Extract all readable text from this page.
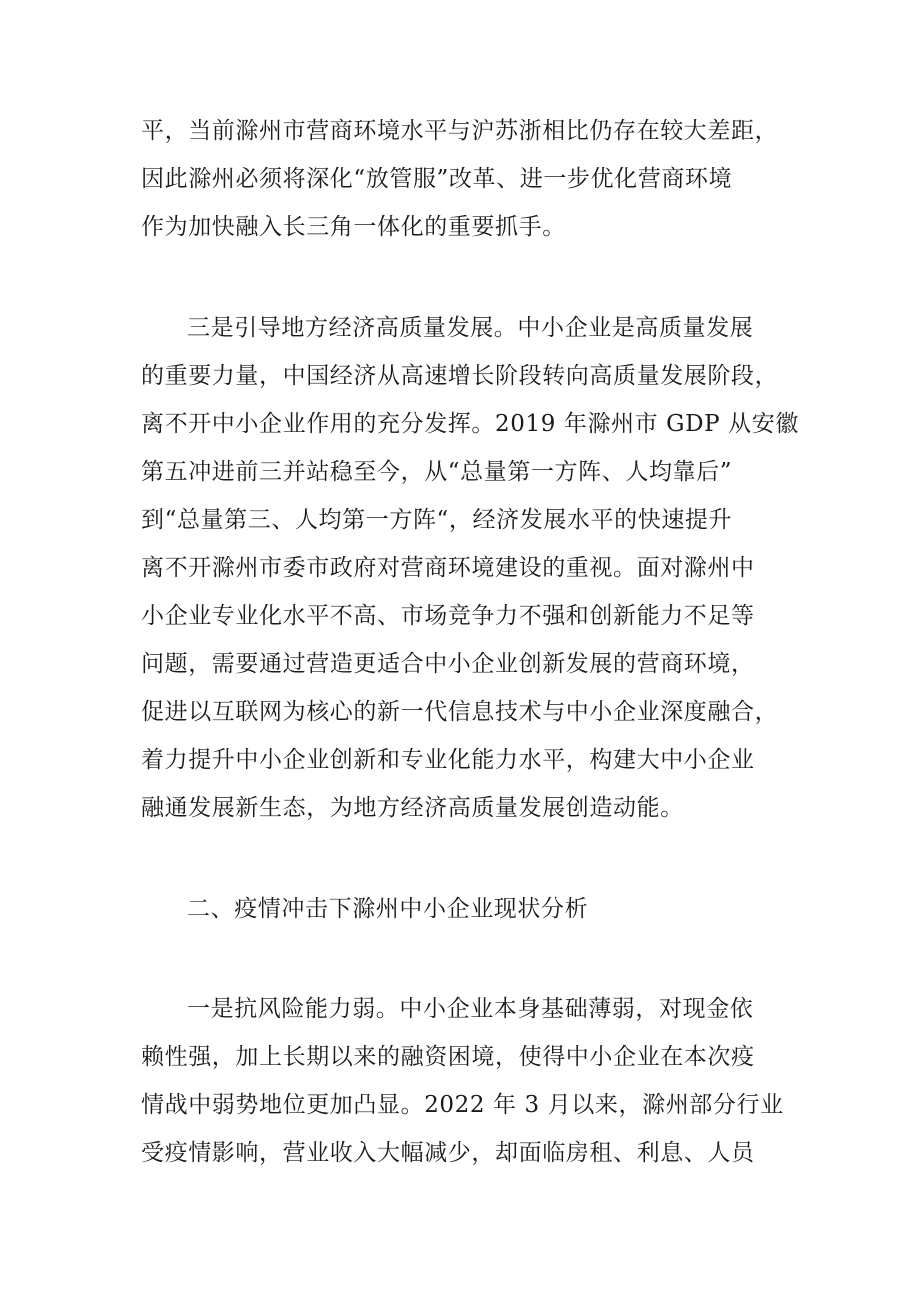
平，当前滁州市营商环境水平与沪苏浙相比仍存在较大差距，
因此滁州必须将深化“放管服”改革、进一步优化营商环境
作为加快融入长三角一体化的重要抓手。
三是引导地方经济高质量发展。中小企业是高质量发展
的重要力量，中国经济从高速增长阶段转向高质量发展阶段，
离不开中小企业作用的充分发挥。2019 年滁州市 GDP 从安徽
第五冲进前三并站稳至今，从“总量第一方阵、人均靠后”
到“总量第三、人均第一方阵“，经济发展水平的快速提升
离不开滁州市委市政府对营商环境建设的重视。面对滁州中
小企业专业化水平不高、市场竞争力不强和创新能力不足等
问题，需要通过营造更适合中小企业创新发展的营商环境，
促进以互联网为核心的新一代信息技术与中小企业深度融合，
着力提升中小企业创新和专业化能力水平，构建大中小企业
融通发展新生态，为地方经济高质量发展创造动能。
二、疫情冲击下滁州中小企业现状分析
一是抗风险能力弱。中小企业本身基础薄弱，对现金依
赖性强，加上长期以来的融资困境，使得中小企业在本次疫
情战中弱势地位更加凸显。2022 年 3 月以来，滁州部分行业
受疫情影响，营业收入大幅减少，却面临房租、利息、人员
